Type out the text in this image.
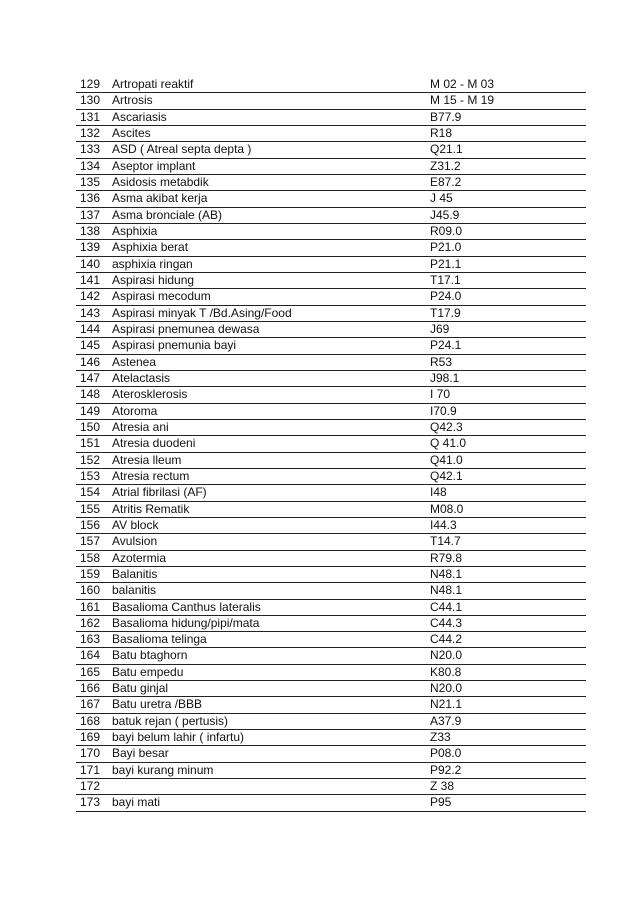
129 Artropati reaktif	M 02 - M 03
130 Artrosis	M 15 - M 19
131 Ascariasis	B77.9
132 Ascites	R18
133 ASD ( Atreal septa depta )	Q21.1
134 Aseptor implant	Z31.2
135 Asidosis metabdik	E87.2
136 Asma akibat kerja	J 45
137 Asma bronciale (AB)	J45.9
138 Asphixia	R09.0
139 Asphixia berat	P21.0
140 asphixia ringan	P21.1
141 Aspirasi hidung	T17.1
142 Aspirasi mecodum	P24.0
143 Aspirasi minyak T /Bd.Asing/Food	T17.9
144 Aspirasi pnemunea dewasa	J69
145 Aspirasi pnemunia bayi	P24.1
146 Astenea	R53
147 Atelactasis	J98.1
148 Aterosklerosis	I 70
149 Atoroma	I70.9
150 Atresia ani	Q42.3
151 Atresia duodeni	Q 41.0
152 Atresia lleum	Q41.0
153 Atresia rectum	Q42.1
154 Atrial fibrilasi (AF)	I48
155 Atritis Rematik	M08.0
156 AV block	I44.3
157 Avulsion	T14.7
158 Azotermia	R79.8
159 Balanitis	N48.1
160 balanitis	N48.1
161 Basalioma Canthus lateralis	C44.1
162 Basalioma hidung/pipi/mata	C44.3
163 Basalioma telinga	C44.2
164 Batu btaghorn	N20.0
165 Batu empedu	K80.8
166 Batu ginjal	N20.0
167 Batu uretra /BBB	N21.1
168 batuk rejan ( pertusis)	A37.9
169 bayi belum lahir ( infartu)	Z33
170 Bayi besar	P08.0
171 bayi kurang minum	P92.2
172	Z 38
173 bayi mati	P95
